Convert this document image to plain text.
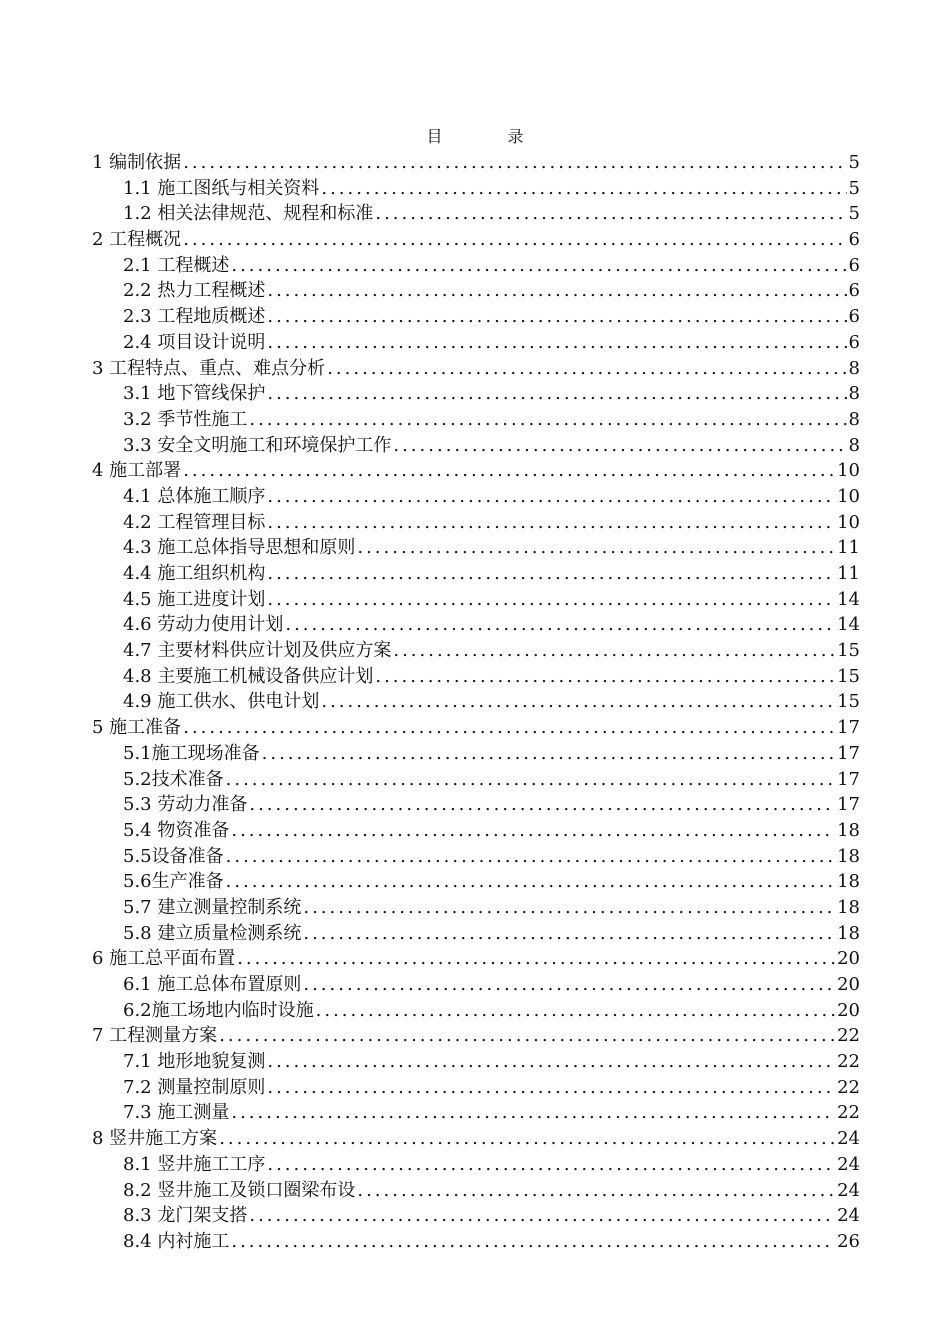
目 录
1 编制依据 .....	5
1.1 施工图纸与相关资料 .....	5
1.2 相关法律规范、规程和标准 .....	5
2 工程概况 .....	6
2.1 工程概述 .....	6
2.2 热力工程概述 .....	6
2.3 工程地质概述 .....	6
2.4 项目设计说明 .....	6
3 工程特点、重点、难点分析 .....	8
3.1 地下管线保护 .....	8
3.2 季节性施工 .....	8
3.3 安全文明施工和环境保护工作 .....	8
4 施工部署 .....	10
4.1 总体施工顺序 .....	10
4.2 工程管理目标 .....	10
4.3 施工总体指导思想和原则 .....	11
4.4 施工组织机构 .....	11
4.5 施工进度计划 .....	14
4.6 劳动力使用计划 .....	14
4.7 主要材料供应计划及供应方案 .....	15
4.8 主要施工机械设备供应计划 .....	15
4.9 施工供水、供电计划 .....	15
5 施工准备 .....	17
5.1施工现场准备 .....	17
5.2技术准备 .....	17
5.3 劳动力准备 .....	17
5.4 物资准备 .....	18
5.5设备准备 .....	18
5.6生产准备 .....	18
5.7 建立测量控制系统 .....	18
5.8 建立质量检测系统 .....	18
6 施工总平面布置 .....	20
6.1 施工总体布置原则 .....	20
6.2施工场地内临时设施 .....	20
7 工程测量方案 .....	22
7.1 地形地貌复测 .....	22
7.2 测量控制原则 .....	22
7.3 施工测量 .....	22
8 竖井施工方案 .....	24
8.1 竖井施工工序 .....	24
8.2 竖井施工及锁口圈梁布设 .....	24
8.3 龙门架支搭 .....	24
8.4 内衬施工 .....	26
